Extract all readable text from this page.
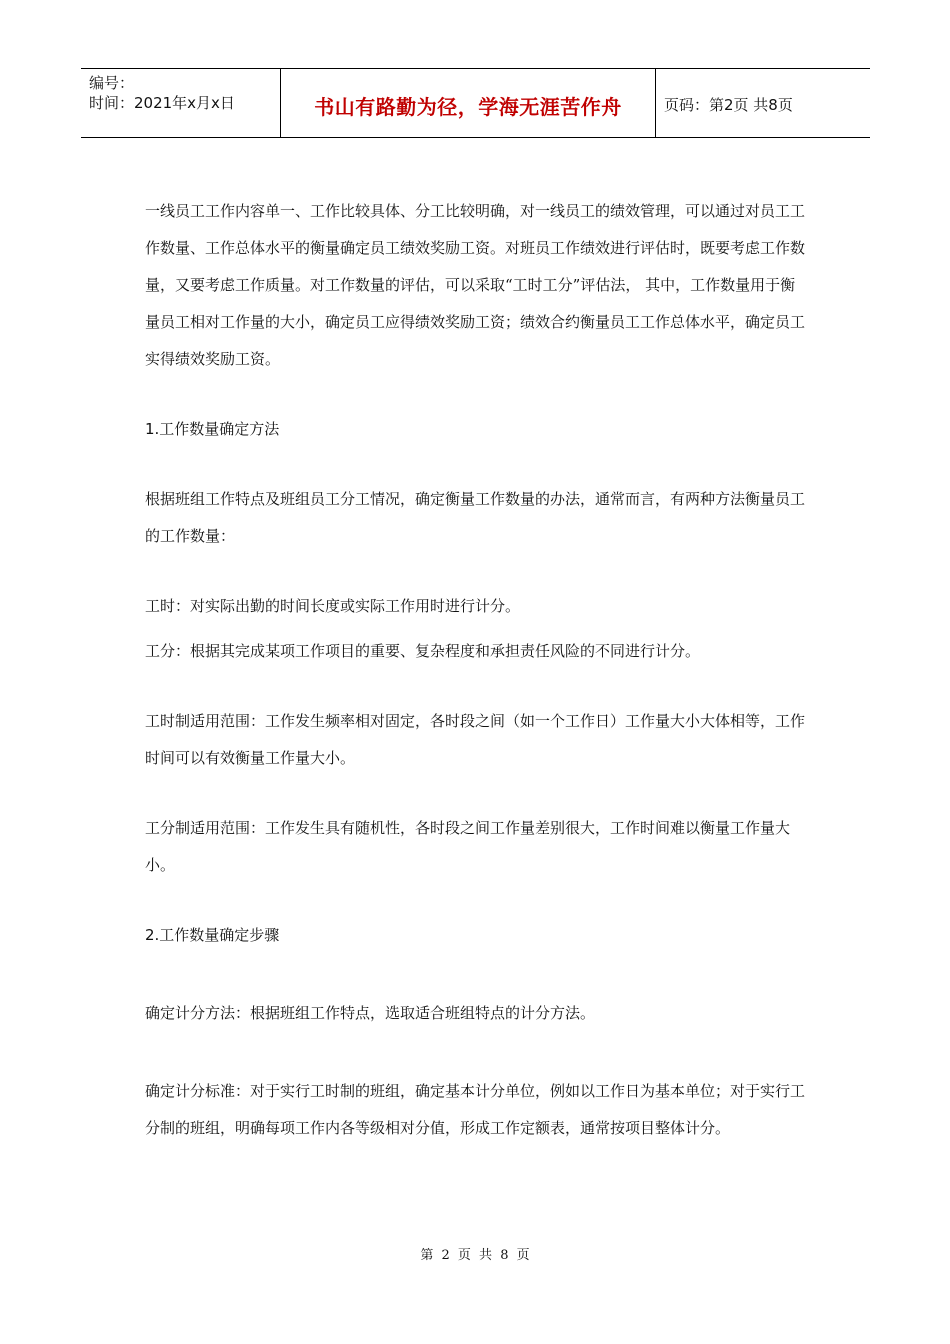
编号：
时间：2021年x月x日	书山有路勤为径，学海无涯苦作舟	页码：第2页 共8页

一线员工工作内容单一、工作比较具体、分工比较明确，对一线员工的绩效管理，可以通过对员工工作数量、工作总体水平的衡量确定员工绩效奖励工资。对班员工作绩效进行评估时，既要考虑工作数量，又要考虑工作质量。对工作数量的评估，可以采取“工时工分”评估法， 其中，工作数量用于衡量员工相对工作量的大小，确定员工应得绩效奖励工资；绩效合约衡量员工工作总体水平，确定员工实得绩效奖励工资。

1.工作数量确定方法

根据班组工作特点及班组员工分工情况，确定衡量工作数量的办法，通常而言，有两种方法衡量员工的工作数量：

工时：对实际出勤的时间长度或实际工作用时进行计分。

工分：根据其完成某项工作项目的重要、复杂程度和承担责任风险的不同进行计分。

工时制适用范围：工作发生频率相对固定，各时段之间（如一个工作日）工作量大小大体相等，工作时间可以有效衡量工作量大小。

工分制适用范围：工作发生具有随机性，各时段之间工作量差别很大，工作时间难以衡量工作量大小。

2.工作数量确定步骤

确定计分方法：根据班组工作特点，选取适合班组特点的计分方法。

确定计分标准：对于实行工时制的班组，确定基本计分单位，例如以工作日为基本单位；对于实行工分制的班组，明确每项工作内各等级相对分值，形成工作定额表，通常按项目整体计分。

第 2 页 共 8 页
